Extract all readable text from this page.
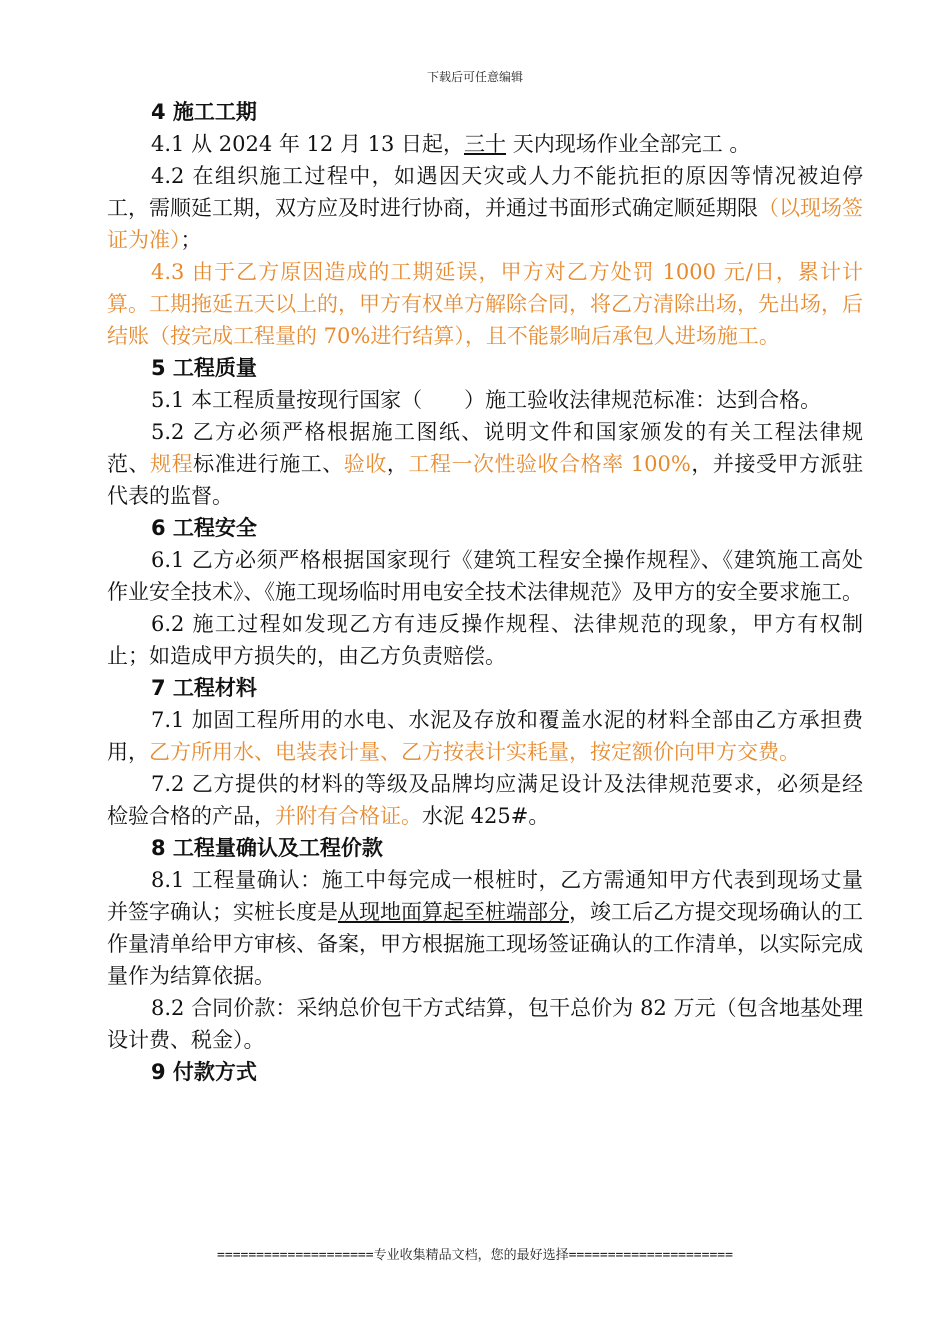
下载后可任意编辑
4 施工工期

4.1 从 2024 年 12 月 13 日起，三十 天内现场作业全部完工 。

4.2 在组织施工过程中，如遇因天灾或人力不能抗拒的原因等情况被迫停工，需顺延工期，双方应及时进行协商，并通过书面形式确定顺延期限（以现场签证为准）；

4.3 由于乙方原因造成的工期延误，甲方对乙方处罚 1000 元/日，累计计算。工期拖延五天以上的，甲方有权单方解除合同，将乙方清除出场，先出场，后结账（按完成工程量的 70%进行结算），且不能影响后承包人进场施工。

5 工程质量

5.1 本工程质量按现行国家（　　）施工验收法律规范标准：达到合格。

5.2 乙方必须严格根据施工图纸、说明文件和国家颁发的有关工程法律规范、规程标准进行施工、验收，工程一次性验收合格率 100%，并接受甲方派驻代表的监督。

6 工程安全

6.1 乙方必须严格根据国家现行《建筑工程安全操作规程》、《建筑施工高处作业安全技术》、《施工现场临时用电安全技术法律规范》及甲方的安全要求施工。

6.2 施工过程如发现乙方有违反操作规程、法律规范的现象，甲方有权制止；如造成甲方损失的，由乙方负责赔偿。

7 工程材料

7.1 加固工程所用的水电、水泥及存放和覆盖水泥的材料全部由乙方承担费用，乙方所用水、电装表计量、乙方按表计实耗量，按定额价向甲方交费。

7.2 乙方提供的材料的等级及品牌均应满足设计及法律规范要求，必须是经检验合格的产品，并附有合格证。水泥 425#。

8 工程量确认及工程价款

8.1 工程量确认：施工中每完成一根桩时，乙方需通知甲方代表到现场丈量并签字确认；实桩长度是从现地面算起至桩端部分，竣工后乙方提交现场确认的工作量清单给甲方审核、备案，甲方根据施工现场签证确认的工作清单，以实际完成量作为结算依据。

8.2 合同价款：采纳总价包干方式结算，包干总价为 82 万元（包含地基处理设计费、税金）。

9 付款方式
====================专业收集精品文档，您的最好选择=====================
